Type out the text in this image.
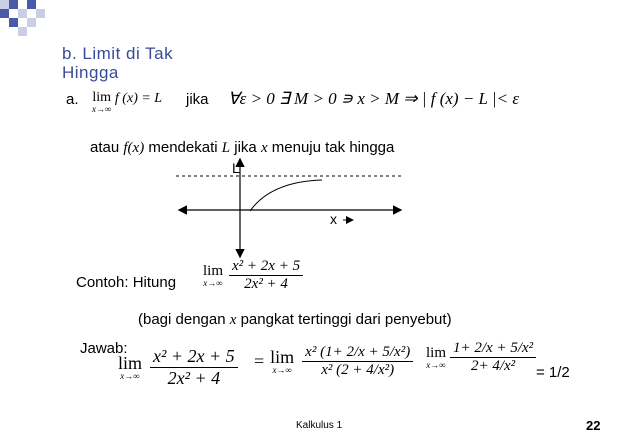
b. Limit di Tak
Hingga
a. lim
x→∞
f (x) = L jika ∀ε > 0 ∃ M > 0 ∍ x > M ⇒ | f (x) − L |< ε
atau f(x) mendekati L jika x menuju tak hingga
L
x
Contoh: Hitung
lim
$x\to\infty \frac{\text{x² + 2x + 5}}{\text{2x² + 4}}$
(bagi dengan x pangkat tertinggi dari penyebut)
Jawab:
lim
$x\to\infty \frac{\text{x² + 2x + 5}}{\text{2x² + 4}} = \lim$
$x\to\infty \frac{\text{x² (1+ 2/x + 5/x²)}}{\text{x² (2 + 4/x²)}}$ lim
$x\to\infty \frac{\text{1+ 2/x + 5/x²}}{\text{2+ 4/x²}} = 1/2$
Kalkulus 1	22
